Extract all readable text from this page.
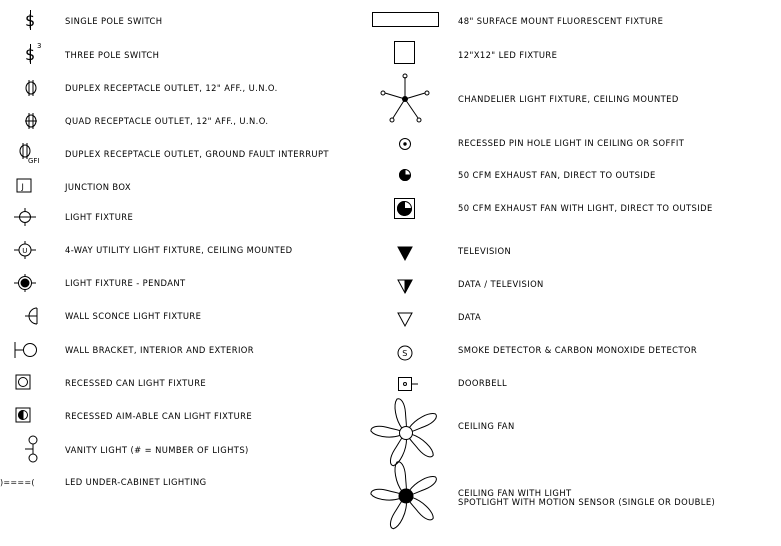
$	SINGLE POLE SWITCH
$ 3
THREE POLE SWITCH
DUPLEX RECEPTACLE OUTLET, 12" AFF., U.N.O.
QUAD RECEPTACLE OUTLET, 12" AFF., U.N.O.
GFI
DUPLEX RECEPTACLE OUTLET, GROUND FAULT INTERRUPT
J	JUNCTION BOX
LIGHT FIXTURE
U	4-WAY UTILITY LIGHT FIXTURE, CEILING MOUNTED
LIGHT FIXTURE - PENDANT
WALL SCONCE LIGHT FIXTURE
WALL BRACKET, INTERIOR AND EXTERIOR
RECESSED CAN LIGHT FIXTURE
RECESSED AIM-ABLE CAN LIGHT FIXTURE
VANITY LIGHT (# = NUMBER OF LIGHTS)
)====(	LED UNDER-CABINET LIGHTING
48" SURFACE MOUNT FLUORESCENT FIXTURE
12"X12" LED FIXTURE
CHANDELIER LIGHT FIXTURE, CEILING MOUNTED
RECESSED PIN HOLE LIGHT IN CEILING OR SOFFIT
50 CFM EXHAUST FAN, DIRECT TO OUTSIDE
50 CFM EXHAUST FAN WITH LIGHT, DIRECT TO OUTSIDE
TELEVISION
DATA / TELEVISION
DATA
S	SMOKE DETECTOR & CARBON MONOXIDE DETECTOR
DOORBELL
CEILING FAN
CEILING FAN WITH LIGHT
SPOTLIGHT WITH MOTION SENSOR (SINGLE OR DOUBLE)
